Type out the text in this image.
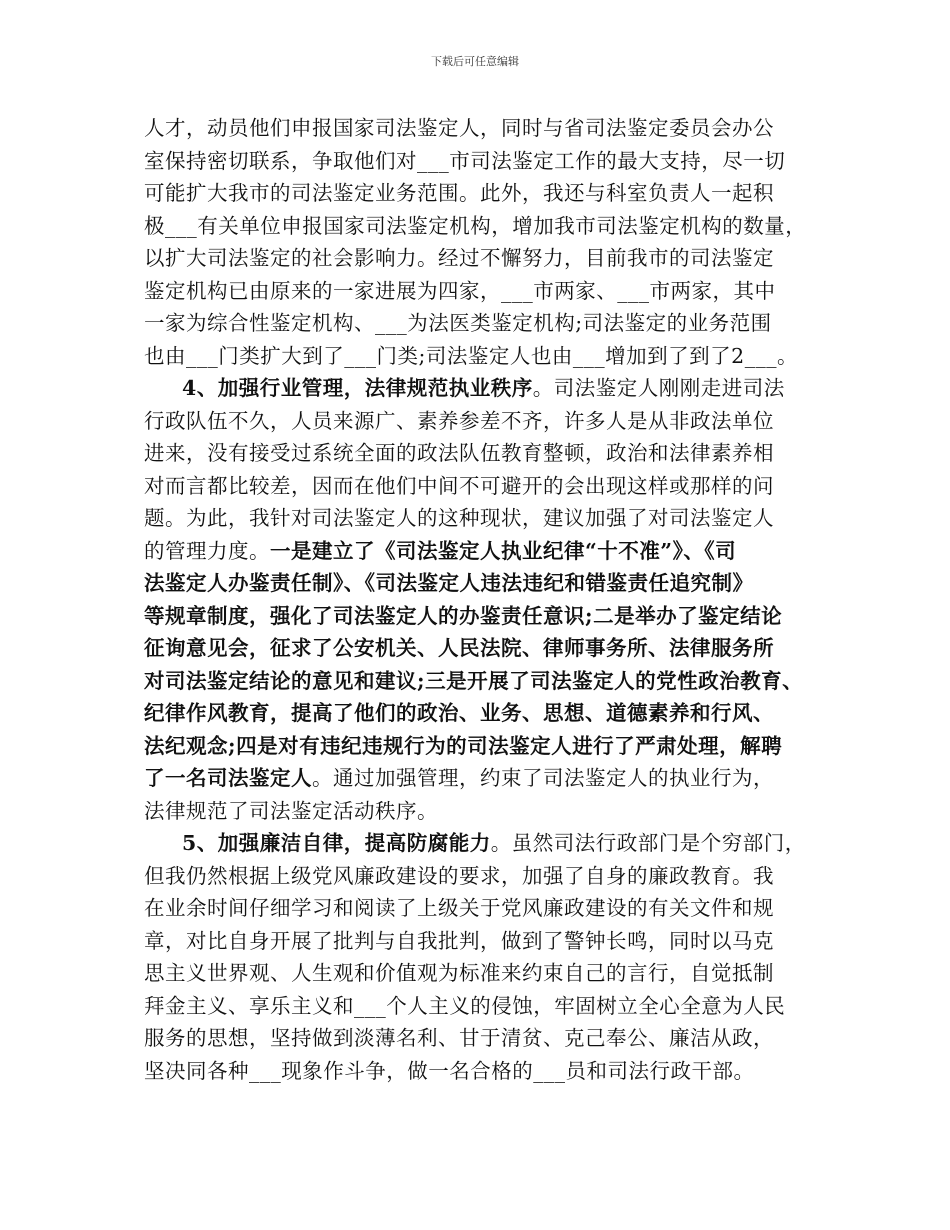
下载后可任意编辑
人才，动员他们申报国家司法鉴定人，同时与省司法鉴定委员会办公
室保持密切联系，争取他们对___市司法鉴定工作的最大支持，尽一切
可能扩大我市的司法鉴定业务范围。此外，我还与科室负责人一起积
极___有关单位申报国家司法鉴定机构，增加我市司法鉴定机构的数量，
以扩大司法鉴定的社会影响力。经过不懈努力，目前我市的司法鉴定
鉴定机构已由原来的一家进展为四家，___市两家、___市两家，其中
一家为综合性鉴定机构、___为法医类鉴定机构;司法鉴定的业务范围
也由___门类扩大到了___门类;司法鉴定人也由___增加到了到了2___。
4、加强行业管理，法律规范执业秩序。司法鉴定人刚刚走进司法
行政队伍不久，人员来源广、素养参差不齐，许多人是从非政法单位
进来，没有接受过系统全面的政法队伍教育整顿，政治和法律素养相
对而言都比较差，因而在他们中间不可避开的会出现这样或那样的问
题。为此，我针对司法鉴定人的这种现状，建议加强了对司法鉴定人
的管理力度。一是建立了《司法鉴定人执业纪律“十不准”》、《司
法鉴定人办鉴责任制》、《司法鉴定人违法违纪和错鉴责任追究制》
等规章制度，强化了司法鉴定人的办鉴责任意识;二是举办了鉴定结论
征询意见会，征求了公安机关、人民法院、律师事务所、法律服务所
对司法鉴定结论的意见和建议;三是开展了司法鉴定人的党性政治教育、
纪律作风教育，提高了他们的政治、业务、思想、道德素养和行风、
法纪观念;四是对有违纪违规行为的司法鉴定人进行了严肃处理，解聘
了一名司法鉴定人。通过加强管理，约束了司法鉴定人的执业行为，
法律规范了司法鉴定活动秩序。
5、加强廉洁自律，提高防腐能力。虽然司法行政部门是个穷部门，
但我仍然根据上级党风廉政建设的要求，加强了自身的廉政教育。我
在业余时间仔细学习和阅读了上级关于党风廉政建设的有关文件和规
章，对比自身开展了批判与自我批判，做到了警钟长鸣，同时以马克
思主义世界观、人生观和价值观为标准来约束自己的言行，自觉抵制
拜金主义、享乐主义和___个人主义的侵蚀，牢固树立全心全意为人民
服务的思想，坚持做到淡薄名利、甘于清贫、克己奉公、廉洁从政，
坚决同各种___现象作斗争，做一名合格的___员和司法行政干部。
